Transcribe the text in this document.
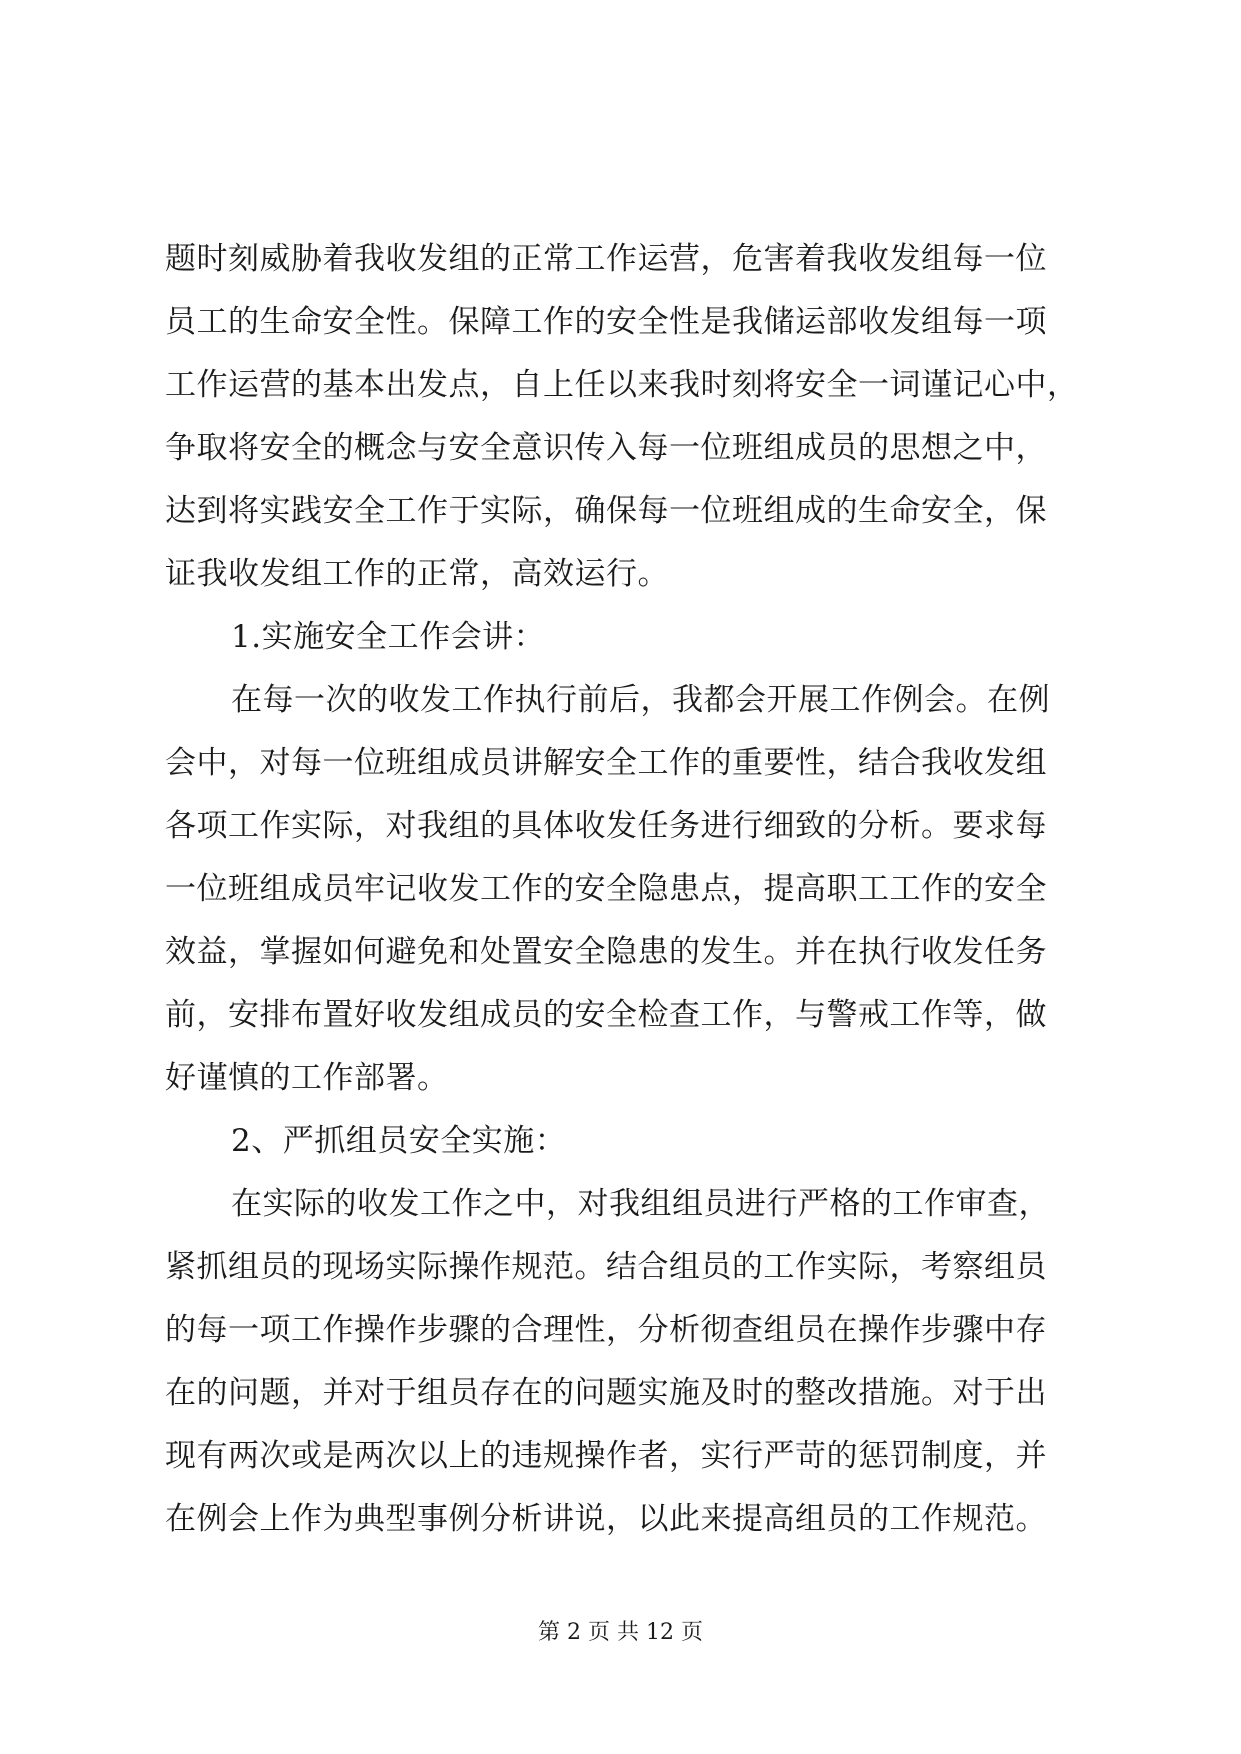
题时刻威胁着我收发组的正常工作运营，危害着我收发组每一位
员工的生命安全性。保障工作的安全性是我储运部收发组每一项
工作运营的基本出发点，自上任以来我时刻将安全一词谨记心中，
争取将安全的概念与安全意识传入每一位班组成员的思想之中，
达到将实践安全工作于实际，确保每一位班组成的生命安全，保
证我收发组工作的正常，高效运行。
1.实施安全工作会讲：
在每一次的收发工作执行前后，我都会开展工作例会。在例
会中，对每一位班组成员讲解安全工作的重要性，结合我收发组
各项工作实际，对我组的具体收发任务进行细致的分析。要求每
一位班组成员牢记收发工作的安全隐患点，提高职工工作的安全
效益，掌握如何避免和处置安全隐患的发生。并在执行收发任务
前，安排布置好收发组成员的安全检查工作，与警戒工作等，做
好谨慎的工作部署。
2、严抓组员安全实施：
在实际的收发工作之中，对我组组员进行严格的工作审查，
紧抓组员的现场实际操作规范。结合组员的工作实际，考察组员
的每一项工作操作步骤的合理性，分析彻查组员在操作步骤中存
在的问题，并对于组员存在的问题实施及时的整改措施。对于出
现有两次或是两次以上的违规操作者，实行严苛的惩罚制度，并
在例会上作为典型事例分析讲说，以此来提高组员的工作规范。
第 2 页 共 12 页
